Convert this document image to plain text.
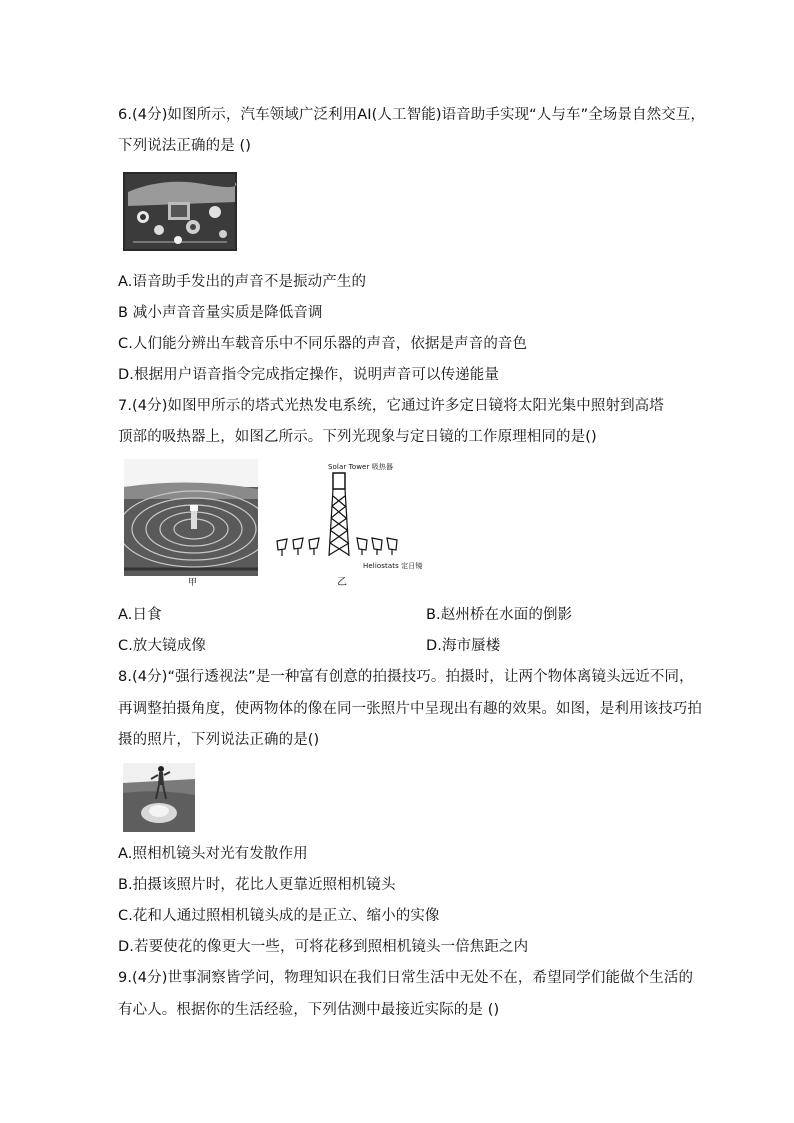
6.(4分)如图所示，汽车领域广泛利用AI(人工智能)语音助手实现“人与车”全场景自然交互，
下列说法正确的是 ()
A.语音助手发出的声音不是振动产生的
B 减小声音音量实质是降低音调
C.人们能分辨出车载音乐中不同乐器的声音，依据是声音的音色
D.根据用户语音指令完成指定操作，说明声音可以传递能量
7.(4分)如图甲所示的塔式光热发电系统，它通过许多定日镜将太阳光集中照射到高塔
顶部的吸热器上，如图乙所示。下列光现象与定日镜的工作原理相同的是()
甲
Solar Tower 吸热器
Heliostats 定日镜
乙
A.日食	B.赵州桥在水面的倒影
C.放大镜成像	D.海市蜃楼
8.(4分)“强行透视法”是一种富有创意的拍摄技巧。拍摄时，让两个物体离镜头远近不同，
再调整拍摄角度，使两物体的像在同一张照片中呈现出有趣的效果。如图，是利用该技巧拍
摄的照片，下列说法正确的是()
A.照相机镜头对光有发散作用
B.拍摄该照片时，花比人更靠近照相机镜头
C.花和人通过照相机镜头成的是正立、缩小的实像
D.若要使花的像更大一些，可将花移到照相机镜头一倍焦距之内
9.(4分)世事洞察皆学问，物理知识在我们日常生活中无处不在，希望同学们能做个生活的
有心人。根据你的生活经验，下列估测中最接近实际的是 ()
